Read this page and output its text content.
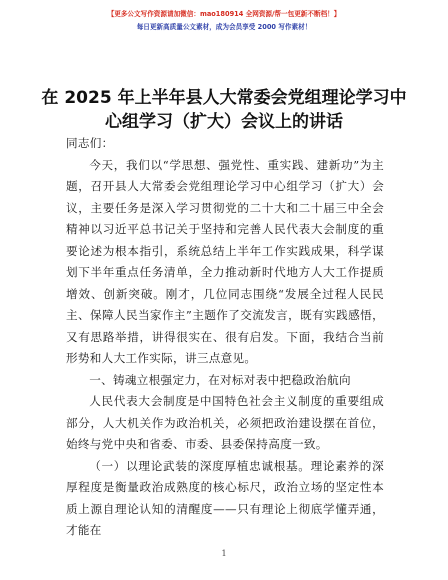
【更多公文写作资源请加微信：mao180914 全网资源/帮一包更新不断档！】
每日更新高质量公文素材，成为会员享受 2000 写作素材！
在 2025 年上半年县人大常委会党组理论学习中心组学习（扩大）会议上的讲话

同志们：

今天，我们以“学思想、强党性、重实践、建新功”为主题，召开县人大常委会党组理论学习中心组学习（扩大）会议，主要任务是深入学习贯彻党的二十大和二十届三中全会精神以习近平总书记关于坚持和完善人民代表大会制度的重要论述为根本指引，系统总结上半年工作实践成果，科学谋划下半年重点任务清单，全力推动新时代地方人大工作提质增效、创新突破。刚才，几位同志围绕“发展全过程人民民主、保障人民当家作主”主题作了交流发言，既有实践感悟，又有思路举措，讲得很实在、很有启发。下面，我结合当前形势和人大工作实际，讲三点意见。

一、铸魂立根强定力，在对标对表中把稳政治航向

人民代表大会制度是中国特色社会主义制度的重要组成部分，人大机关作为政治机关，必须把政治建设摆在首位，始终与党中央和省委、市委、县委保持高度一致。

（一）以理论武装的深度厚植忠诚根基。理论素养的深厚程度是衡量政治成熟度的核心标尺，政治立场的坚定性本质上源自理论认知的清醒度——只有理论上彻底学懂弄通，才能在

1
